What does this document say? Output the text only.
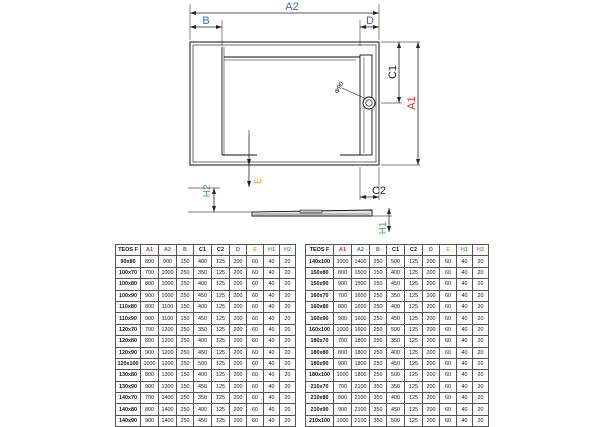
A2
B	D
C1
A1
Φ90
E
C2
H2
H1
TEOS F	A1	A2	B	C1	C2	D	E	H1	H2
90x80	800	900	150	400	125	200	60	40	20
100x70	700	1000	250	350	125	200	60	40	20
100x80	800	1000	250	400	125	200	60	40	20
100x90	900	1000	250	450	125	200	60	40	20
110x80	800	1100	150	400	125	200	60	40	20
110x90	900	1100	150	450	125	200	60	40	20
120x70	700	1200	250	350	125	200	60	40	20
120x80	800	1200	250	400	125	200	60	40	20
120x90	900	1200	250	450	125	200	60	40	20
120x100	1000	1200	250	500	125	200	60	40	20
130x80	800	1300	150	400	125	200	60	40	20
130x90	900	1300	150	450	125	200	60	40	20
140x70	700	1400	250	350	125	200	60	40	20
140x80	800	1400	250	400	125	200	60	40	20
140x90	900	1400	250	450	125	200	60	40	20
TEOS F	A1	A2	B	C1	C2	D	E	H1	H2
140x100	1000	1400	250	500	125	200	60	40	20
150x80	800	1500	150	400	125	200	60	40	20
150x90	900	1500	150	450	125	200	60	40	20
160x70	700	1600	250	350	125	200	60	40	20
160x80	800	1600	250	400	125	200	60	40	20
160x90	900	1600	250	450	125	200	60	40	20
160x100	1000	1600	250	500	125	200	60	40	20
180x70	700	1800	250	350	125	200	60	40	20
180x80	800	1800	250	400	125	200	60	40	20
180x90	900	1800	250	450	125	200	60	40	20
180x100	1000	1800	250	500	125	200	60	40	20
210x70	700	2100	350	350	125	200	60	40	20
210x80	800	2100	350	400	125	200	60	40	20
210x90	900	2100	350	450	125	200	60	40	20
210x100	1000	2100	350	500	125	200	60	40	20
